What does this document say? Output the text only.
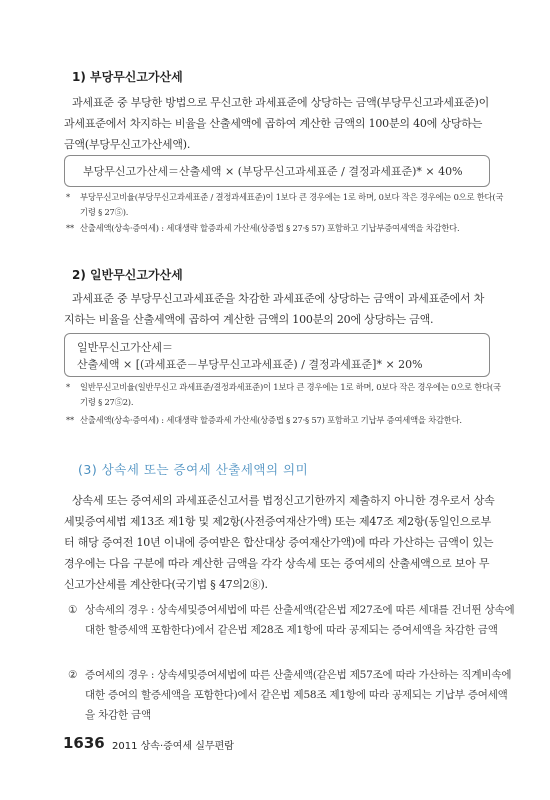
1) 부당무신고가산세
과세표준 중 부당한 방법으로 무신고한 과세표준에 상당하는 금액(부당무신고과세표준)이 과세표준에서 차지하는 비율을 산출세액에 곱하여 계산한 금액의 100분의 40에 상당하는 금액(부당무신고가산세액).
부당무신고가산세＝산출세액 × (부당무신고과세표준 / 결정과세표준)* × 40%
* 부당무신고비율(부당무신고과세표준 / 결정과세표준)이 1보다 큰 경우에는 1로 하며, 0보다 작은 경우에는 0으로 한다(국기령 § 27⑤).
** 산출세액(상속·증여세) : 세대생략 할증과세 가산세(상증법 § 27·§ 57) 포함하고 기납부증여세액을 차감한다.
2) 일반무신고가산세
과세표준 중 부당무신고과세표준을 차감한 과세표준에 상당하는 금액이 과세표준에서 차지하는 비율을 산출세액에 곱하여 계산한 금액의 100분의 20에 상당하는 금액.
일반무신고가산세＝
산출세액 × [(과세표준－부당무신고과세표준) / 결정과세표준]* × 20%
* 일반무신고비율(일반무신고 과세표준/결정과세표준)이 1보다 큰 경우에는 1로 하며, 0보다 작은 경우에는 0으로 한다(국기령 § 27⑤2).
** 산출세액(상속·증여세) : 세대생략 할증과세 가산세(상증법 § 27·§ 57) 포함하고 기납부 증여세액을 차감한다.
(3) 상속세 또는 증여세 산출세액의 의미
상속세 또는 증여세의 과세표준신고서를 법정신고기한까지 제출하지 아니한 경우로서 상속세및증여세법 제13조 제1항 및 제2항(사전증여재산가액) 또는 제47조 제2항(동일인으로부터 해당 증여전 10년 이내에 증여받은 합산대상 증여재산가액)에 따라 가산하는 금액이 있는 경우에는 다음 구분에 따라 계산한 금액을 각각 상속세 또는 증여세의 산출세액으로 보아 무신고가산세를 계산한다(국기법 § 47의2⑧).
① 상속세의 경우 : 상속세및증여세법에 따른 산출세액(같은법 제27조에 따른 세대를 건너뛴 상속에 대한 할증세액 포함한다)에서 같은법 제28조 제1항에 따라 공제되는 증여세액을 차감한 금액
② 증여세의 경우 : 상속세및증여세법에 따른 산출세액(같은법 제57조에 따라 가산하는 직계비속에 대한 증여의 할증세액을 포함한다)에서 같은법 제58조 제1항에 따라 공제되는 기납부 증여세액을 차감한 금액
1636 2011 상속·증여세 실무편람
